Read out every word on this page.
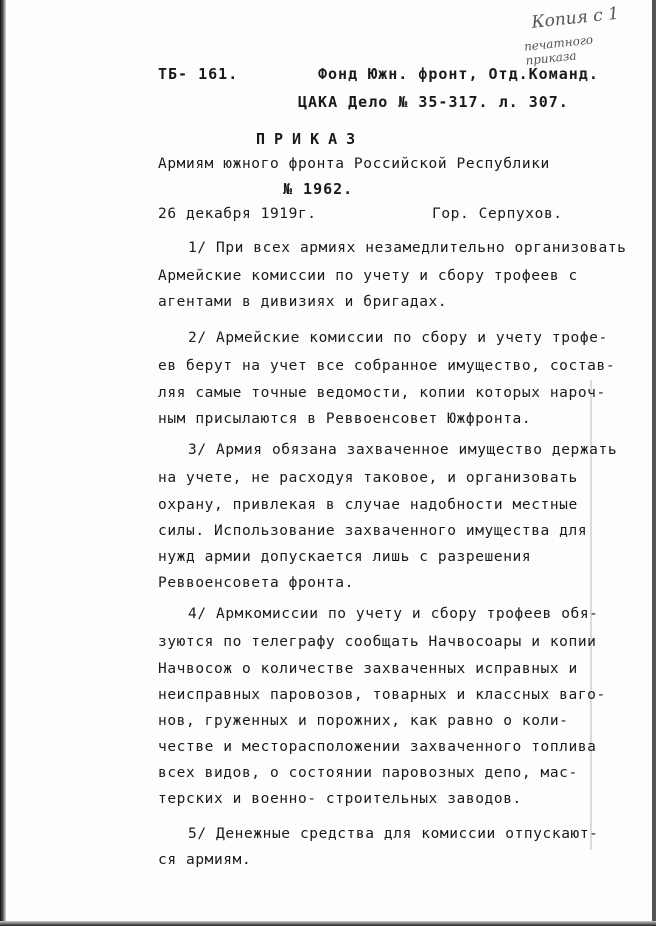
Копия с 1
печатного приказа
ТБ- 161.	Фонд Южн. фронт, Отд.Команд.
ЦАКА Дело № 35-317. л. 307.
ПРИКАЗ
Армиям южного фронта Российской Республики
№ 1962.
26 декабря 1919г.	Гор. Серпухов.
1/ При всех армиях незамедлительно организовать
Армейские комиссии по учету и сбору трофеев с
агентами в дивизиях и бригадах.
2/ Армейские комиссии по сбору и учету трофе-
ев берут на учет все собранное имущество, состав-
ляя самые точные ведомости, копии которых нароч-
ным присылаются в Реввоенсовет Южфронта.
3/ Армия обязана захваченное имущество держать
на учете, не расходуя таковое, и организовать
охрану, привлекая в случае надобности местные
силы. Использование захваченного имущества для
нужд армии допускается лишь с разрешения
Реввоенсовета фронта.
4/ Армкомиссии по учету и сбору трофеев обя-
зуются по телеграфу сообщать Начвосоары и копии
Начвосож о количестве захваченных исправных и
неисправных паровозов, товарных и классных ваго-
нов, груженных и порожних, как равно о коли-
честве и месторасположении захваченного топлива
всех видов, о состоянии паровозных депо, мас-
терских и военно- строительных заводов.
5/ Денежные средства для комиссии отпускают-
ся армиям.
